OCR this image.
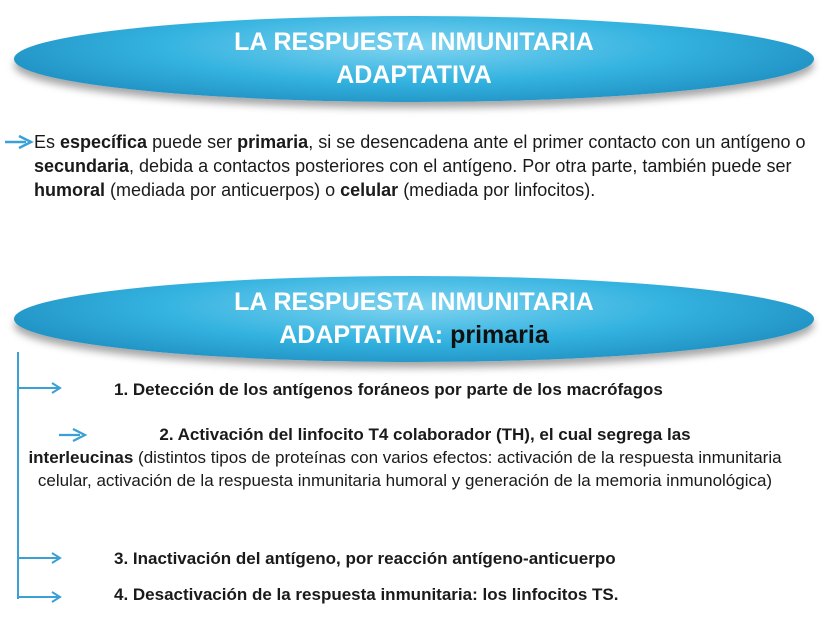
LA RESPUESTA INMUNITARIA
ADAPTATIVA
Es específica puede ser primaria, si se desencadena ante el primer contacto con un antígeno o secundaria, debida a contactos posteriores con el antígeno. Por otra parte, también puede ser humoral (mediada por anticuerpos) o celular (mediada por linfocitos).
LA RESPUESTA INMUNITARIA
ADAPTATIVA: primaria
1. Detección de los antígenos foráneos por parte de los macrófagos
2. Activación del linfocito T4 colaborador (TH), el cual segrega las
interleucinas (distintos tipos de proteínas con varios efectos: activación de la respuesta inmunitaria celular, activación de la respuesta inmunitaria humoral y generación de la memoria inmunológica)
3. Inactivación del antígeno, por reacción antígeno-anticuerpo
4. Desactivación de la respuesta inmunitaria: los linfocitos TS.
